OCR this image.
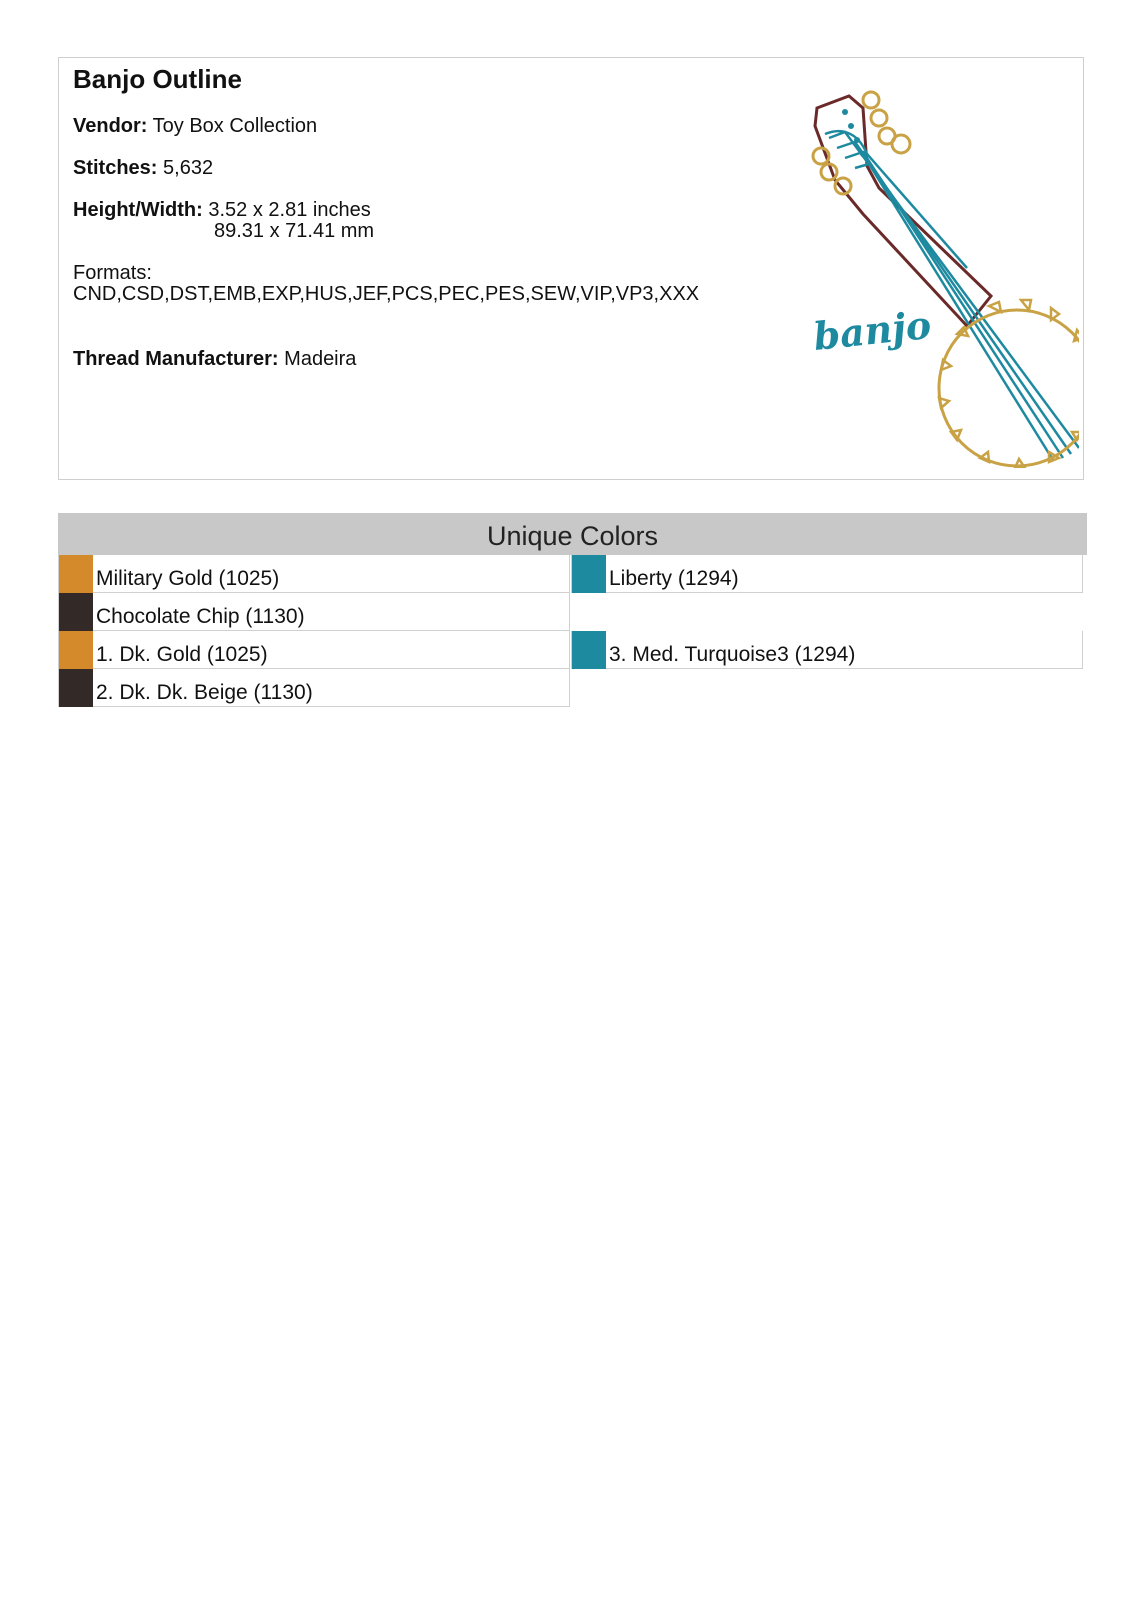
Banjo Outline
Vendor: Toy Box Collection
Stitches: 5,632
Height/Width: 3.52 x 2.81 inches
89.31 x 71.41 mm
Formats:
CND,CSD,DST,EMB,EXP,HUS,JEF,PCS,PEC,PES,SEW,VIP,VP3,XXX
Thread Manufacturer: Madeira
banjo
Unique Colors
Military Gold (1025)	Liberty (1294)
Chocolate Chip (1130)
1. Dk. Gold (1025)	3. Med. Turquoise3 (1294)
2. Dk. Dk. Beige (1130)
